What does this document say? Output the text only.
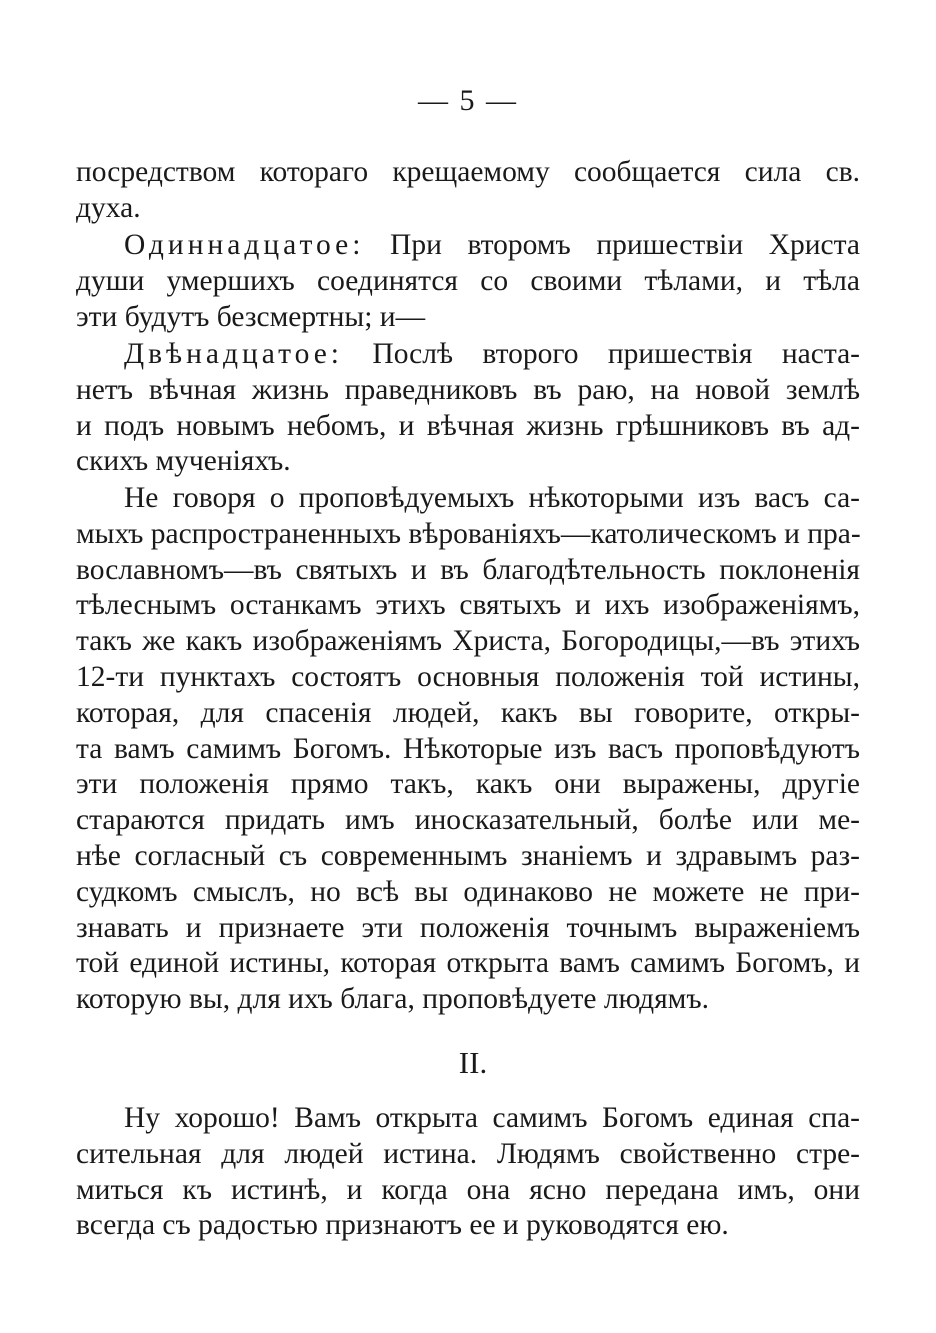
— 5 —
посредством котораго крещаемому сообщается сила св.
духа.
Одиннадцатое: При второмъ пришествіи Христа
души умершихъ соединятся со своими тѣлами, и тѣла
эти будутъ безсмертны; и—
Двѣнадцатое: Послѣ второго пришествія наста-
нетъ вѣчная жизнь праведниковъ въ раю, на новой землѣ
и подъ новымъ небомъ, и вѣчная жизнь грѣшниковъ въ ад-
скихъ мученіяхъ.
Не говоря о проповѣдуемыхъ нѣкоторыми изъ васъ са-
мыхъ распространенныхъ вѣрованіяхъ—католическомъ и пра-
вославномъ—въ святыхъ и въ благодѣтельность поклоненія
тѣлеснымъ останкамъ этихъ святыхъ и ихъ изображеніямъ,
такъ же какъ изображеніямъ Христа, Богородицы,—въ этихъ
12-ти пунктахъ состоятъ основныя положенія той истины,
которая, для спасенія людей, какъ вы говорите, откры-
та вамъ самимъ Богомъ. Нѣкоторые изъ васъ проповѣдуютъ
эти положенія прямо такъ, какъ они выражены, другіе
стараются придать имъ иносказательный, болѣе или ме-
нѣе согласный съ современнымъ знаніемъ и здравымъ раз-
судкомъ смыслъ, но всѣ вы одинаково не можете не при-
знавать и признаете эти положенія точнымъ выраженіемъ
той единой истины, которая открыта вамъ самимъ Богомъ, и
которую вы, для ихъ блага, проповѣдуете людямъ.
II.
Ну хорошо! Вамъ открыта самимъ Богомъ единая спа-
сительная для людей истина. Людямъ свойственно стре-
миться къ истинѣ, и когда она ясно передана имъ, они
всегда съ радостью признаютъ ее и руководятся ею.
